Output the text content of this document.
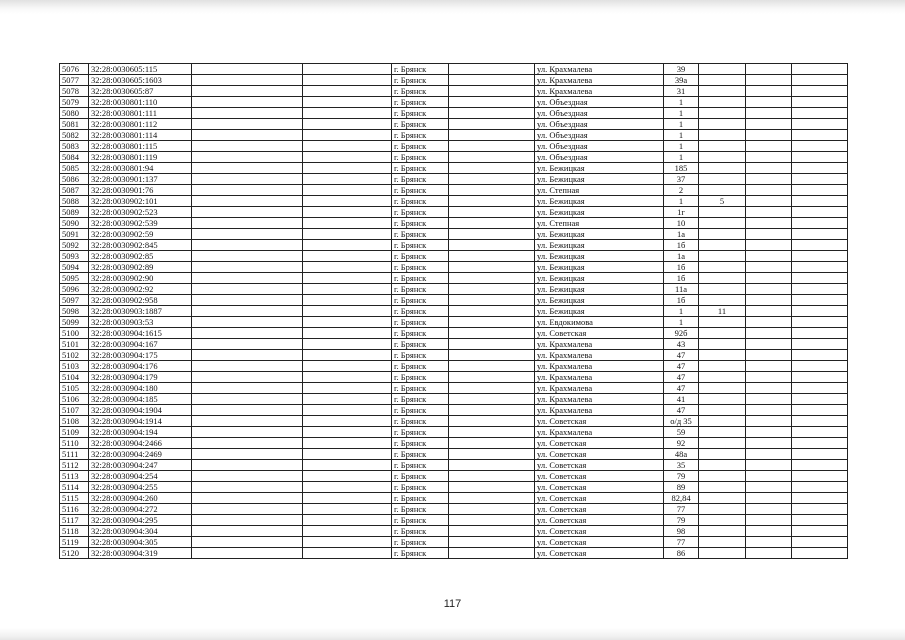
5076	32:28:0030605:115			г. Брянск		ул. Крахмалева	39			
5077	32:28:0030605:1603			г. Брянск		ул. Крахмалева	39а			
5078	32:28:0030605:87			г. Брянск		ул. Крахмалева	31			
5079	32:28:0030801:110			г. Брянск		ул. Объездная	1			
5080	32:28:0030801:111			г. Брянск		ул. Объездная	1			
5081	32:28:0030801:112			г. Брянск		ул. Объездная	1			
5082	32:28:0030801:114			г. Брянск		ул. Объездная	1			
5083	32:28:0030801:115			г. Брянск		ул. Объездная	1			
5084	32:28:0030801:119			г. Брянск		ул. Объездная	1			
5085	32:28:0030801:94			г. Брянск		ул. Бежицкая	185			
5086	32:28:0030901:137			г. Брянск		ул. Бежицкая	37			
5087	32:28:0030901:76			г. Брянск		ул. Степная	2			
5088	32:28:0030902:101			г. Брянск		ул. Бежицкая	1	5		
5089	32:28:0030902:523			г. Брянск		ул. Бежицкая	1г			
5090	32:28:0030902:539			г. Брянск		ул. Степная	10			
5091	32:28:0030902:59			г. Брянск		ул. Бежицкая	1а			
5092	32:28:0030902:845			г. Брянск		ул. Бежицкая	1б			
5093	32:28:0030902:85			г. Брянск		ул. Бежицкая	1а			
5094	32:28:0030902:89			г. Брянск		ул. Бежицкая	1б			
5095	32:28:0030902:90			г. Брянск		ул. Бежицкая	1б			
5096	32:28:0030902:92			г. Брянск		ул. Бежицкая	11а			
5097	32:28:0030902:958			г. Брянск		ул. Бежицкая	1б			
5098	32:28:0030903:1887			г. Брянск		ул. Бежицкая	1	11		
5099	32:28:0030903:53			г. Брянск		ул. Евдокимова	1			
5100	32:28:0030904:1615			г. Брянск		ул. Советская	92б			
5101	32:28:0030904:167			г. Брянск		ул. Крахмалева	43			
5102	32:28:0030904:175			г. Брянск		ул. Крахмалева	47			
5103	32:28:0030904:176			г. Брянск		ул. Крахмалева	47			
5104	32:28:0030904:179			г. Брянск		ул. Крахмалева	47			
5105	32:28:0030904:180			г. Брянск		ул. Крахмалева	47			
5106	32:28:0030904:185			г. Брянск		ул. Крахмалева	41			
5107	32:28:0030904:1904			г. Брянск		ул. Крахмалева	47			
5108	32:28:0030904:1914			г. Брянск		ул. Советская	о/д 35			
5109	32:28:0030904:194			г. Брянск		ул. Крахмалева	59			
5110	32:28:0030904:2466			г. Брянск		ул. Советская	92			
5111	32:28:0030904:2469			г. Брянск		ул. Советская	48а			
5112	32:28:0030904:247			г. Брянск		ул. Советская	35			
5113	32:28:0030904:254			г. Брянск		ул. Советская	79			
5114	32:28:0030904:255			г. Брянск		ул. Советская	89			
5115	32:28:0030904:260			г. Брянск		ул. Советская	82,84			
5116	32:28:0030904:272			г. Брянск		ул. Советская	77			
5117	32:28:0030904:295			г. Брянск		ул. Советская	79			
5118	32:28:0030904:304			г. Брянск		ул. Советская	98			
5119	32:28:0030904:305			г. Брянск		ул. Советская	77			
5120	32:28:0030904:319			г. Брянск		ул. Советская	86			
117
